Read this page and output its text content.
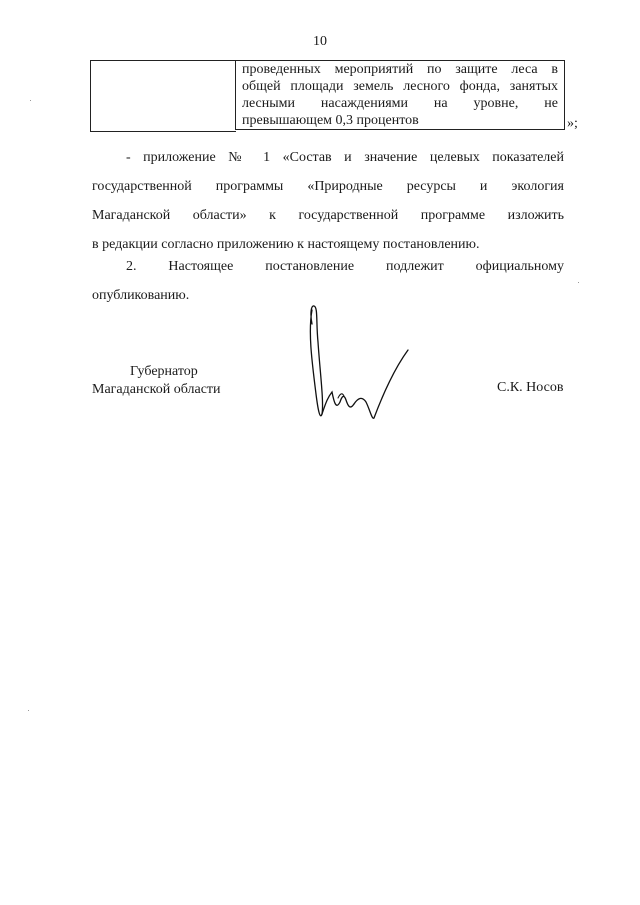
10
проведенных мероприятий по защите леса в
общей площади земель лесного фонда, занятых
лесными насаждениями на уровне, не
превышающем 0,3 процентов	»;
- приложение № 1 «Состав и значение целевых показателей
государственной программы «Природные ресурсы и экология
Магаданской области» к государственной программе изложить
в редакции согласно приложению к настоящему постановлению.
2. Настоящее постановление подлежит официальному
опубликованию.
Губернатор
Магаданской области	С.К. Носов
